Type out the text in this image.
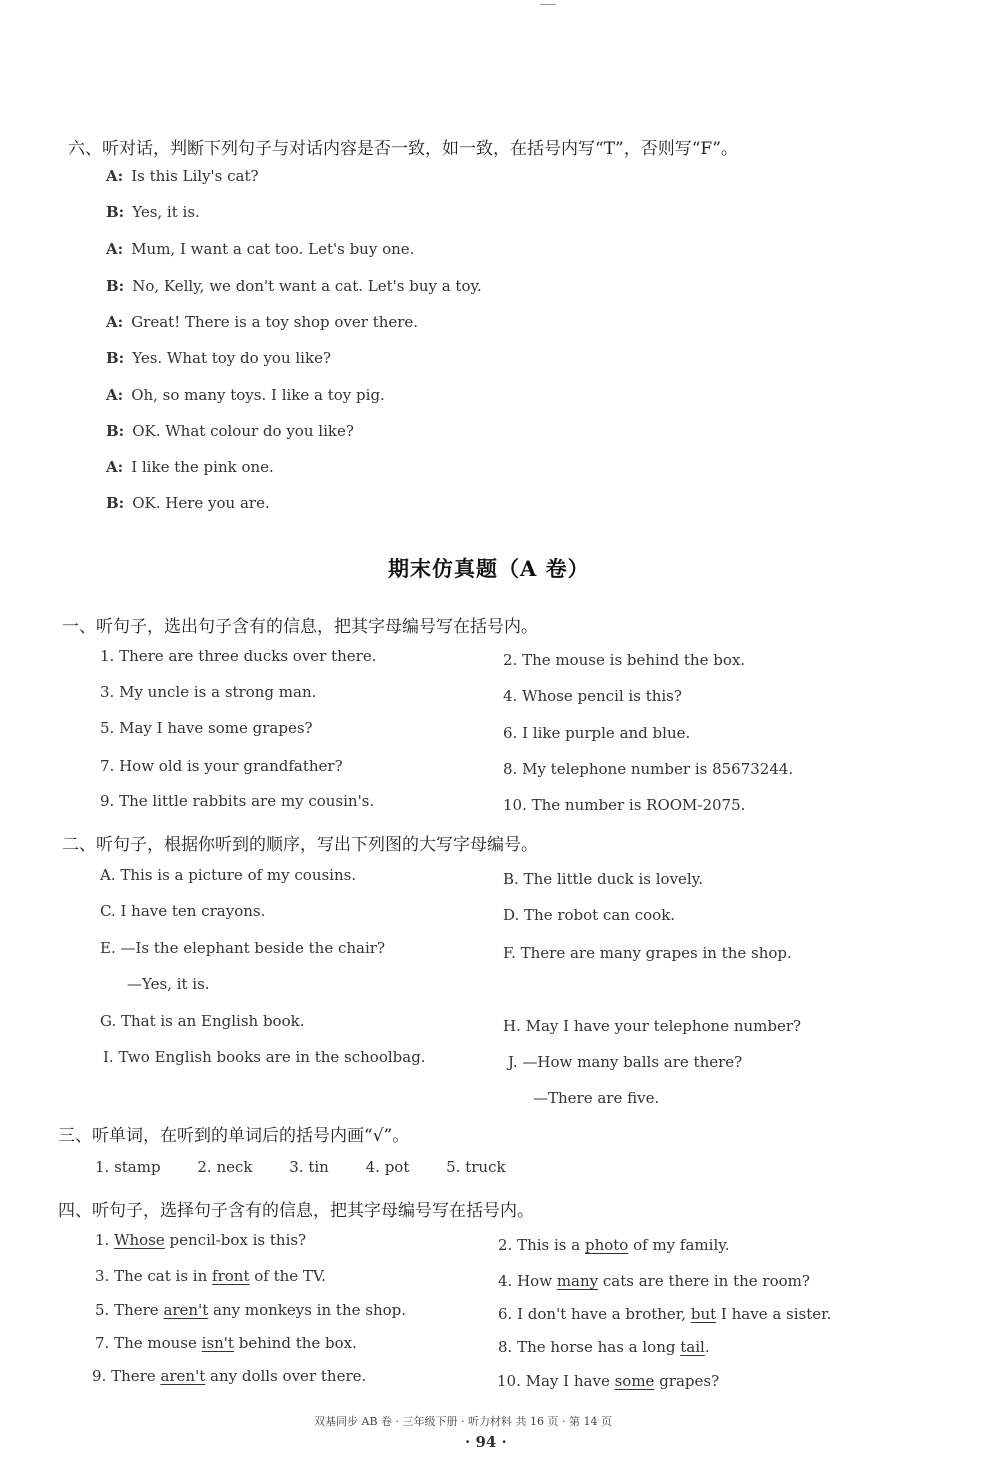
六、听对话，判断下列句子与对话内容是否一致，如一致，在括号内写“T”，否则写“F”。
A: Is this Lily's cat?
B: Yes, it is.
A: Mum, I want a cat too. Let's buy one.
B: No, Kelly, we don't want a cat. Let's buy a toy.
A: Great! There is a toy shop over there.
B: Yes. What toy do you like?
A: Oh, so many toys. I like a toy pig.
B: OK. What colour do you like?
A: I like the pink one.
B: OK. Here you are.
期末仿真题（A 卷）
一、听句子，选出句子含有的信息，把其字母编号写在括号内。
1. There are three ducks over there.	2. The mouse is behind the box.
3. My uncle is a strong man.	4. Whose pencil is this?
5. May I have some grapes?	6. I like purple and blue.
7. How old is your grandfather?	8. My telephone number is 85673244.
9. The little rabbits are my cousin's.	10. The number is ROOM-2075.
二、听句子，根据你听到的顺序，写出下列图的大写字母编号。
A. This is a picture of my cousins.	B. The little duck is lovely.
C. I have ten crayons.	D. The robot can cook.
E. —Is the elephant beside the chair?
—Yes, it is.
F. There are many grapes in the shop.
G. That is an English book.	H. May I have your telephone number?
I. Two English books are in the schoolbag.	J. —How many balls are there?
—There are five.
三、听单词，在听到的单词后的括号内画“√”。
1. stamp 2. neck 3. tin 4. pot 5. truck
四、听句子，选择句子含有的信息，把其字母编号写在括号内。
1. Whose pencil-box is this?	2. This is a photo of my family.
3. The cat is in front of the TV.	4. How many cats are there in the room?
5. There aren't any monkeys in the shop.	6. I don't have a brother, but I have a sister.
7. The mouse isn't behind the box.	8. The horse has a long tail.
9. There aren't any dolls over there.	10. May I have some grapes?
双基同步 AB 卷 · 三年级下册 · 听力材料 共 16 页 · 第 14 页
· 94 ·
